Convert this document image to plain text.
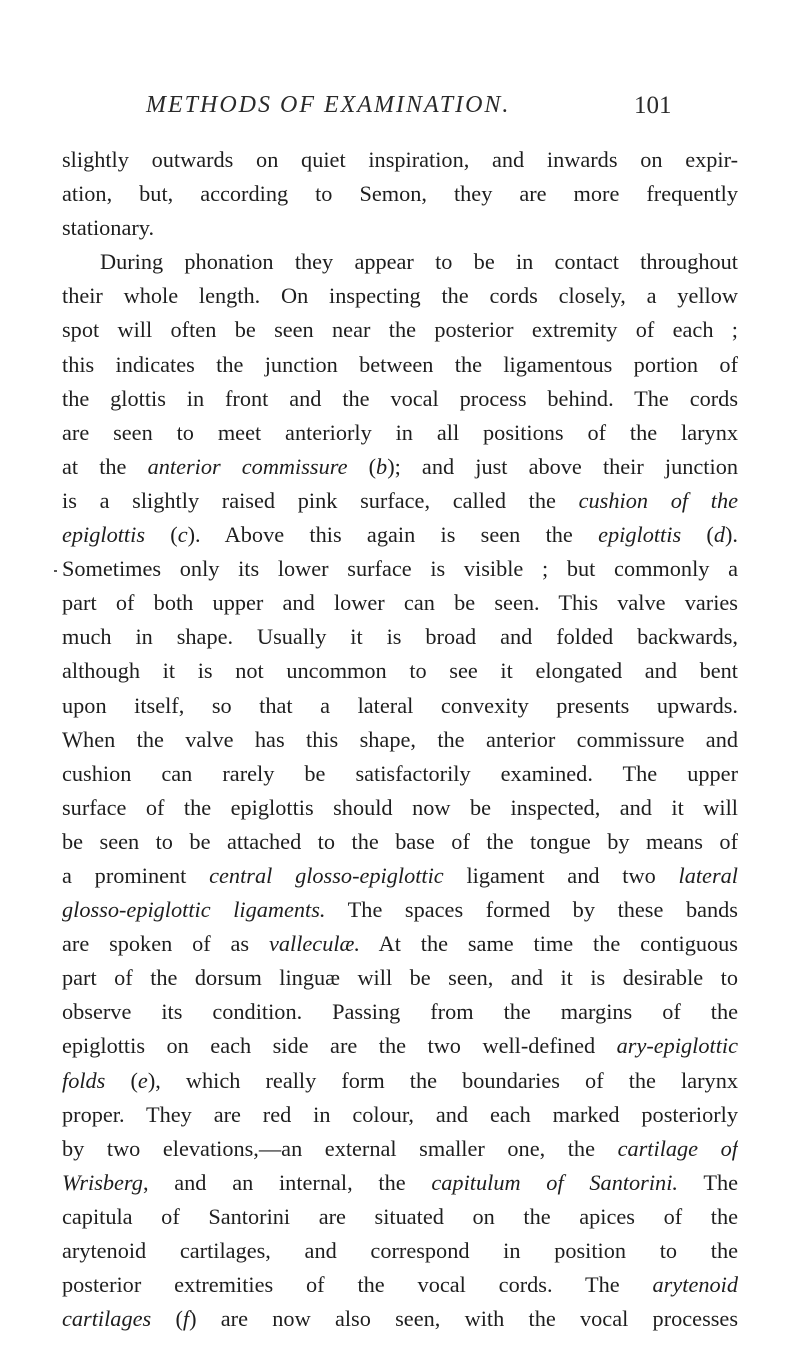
METHODS OF EXAMINATION.	101
slightly outwards on quiet inspiration, and inwards on expir-
ation, but, according to Semon, they are more frequently
stationary.
During phonation they appear to be in contact throughout
their whole length. On inspecting the cords closely, a yellow
spot will often be seen near the posterior extremity of each ;
this indicates the junction between the ligamentous portion of
the glottis in front and the vocal process behind. The cords
are seen to meet anteriorly in all positions of the larynx
at the anterior commissure (b); and just above their junction
is a slightly raised pink surface, called the cushion of the
epiglottis (c). Above this again is seen the epiglottis (d).
Sometimes only its lower surface is visible ; but commonly a
part of both upper and lower can be seen. This valve varies
much in shape. Usually it is broad and folded backwards,
although it is not uncommon to see it elongated and bent
upon itself, so that a lateral convexity presents upwards.
When the valve has this shape, the anterior commissure and
cushion can rarely be satisfactorily examined. The upper
surface of the epiglottis should now be inspected, and it will
be seen to be attached to the base of the tongue by means of
a prominent central glosso-epiglottic ligament and two lateral
glosso-epiglottic ligaments. The spaces formed by these bands
are spoken of as valleculæ. At the same time the contiguous
part of the dorsum linguæ will be seen, and it is desirable to
observe its condition. Passing from the margins of the
epiglottis on each side are the two well-defined ary-epiglottic
folds (e), which really form the boundaries of the larynx
proper. They are red in colour, and each marked posteriorly
by two elevations,—an external smaller one, the cartilage of
Wrisberg, and an internal, the capitulum of Santorini. The
capitula of Santorini are situated on the apices of the
arytenoid cartilages, and correspond in position to the
posterior extremities of the vocal cords. The arytenoid
cartilages (f) are now also seen, with the vocal processes
